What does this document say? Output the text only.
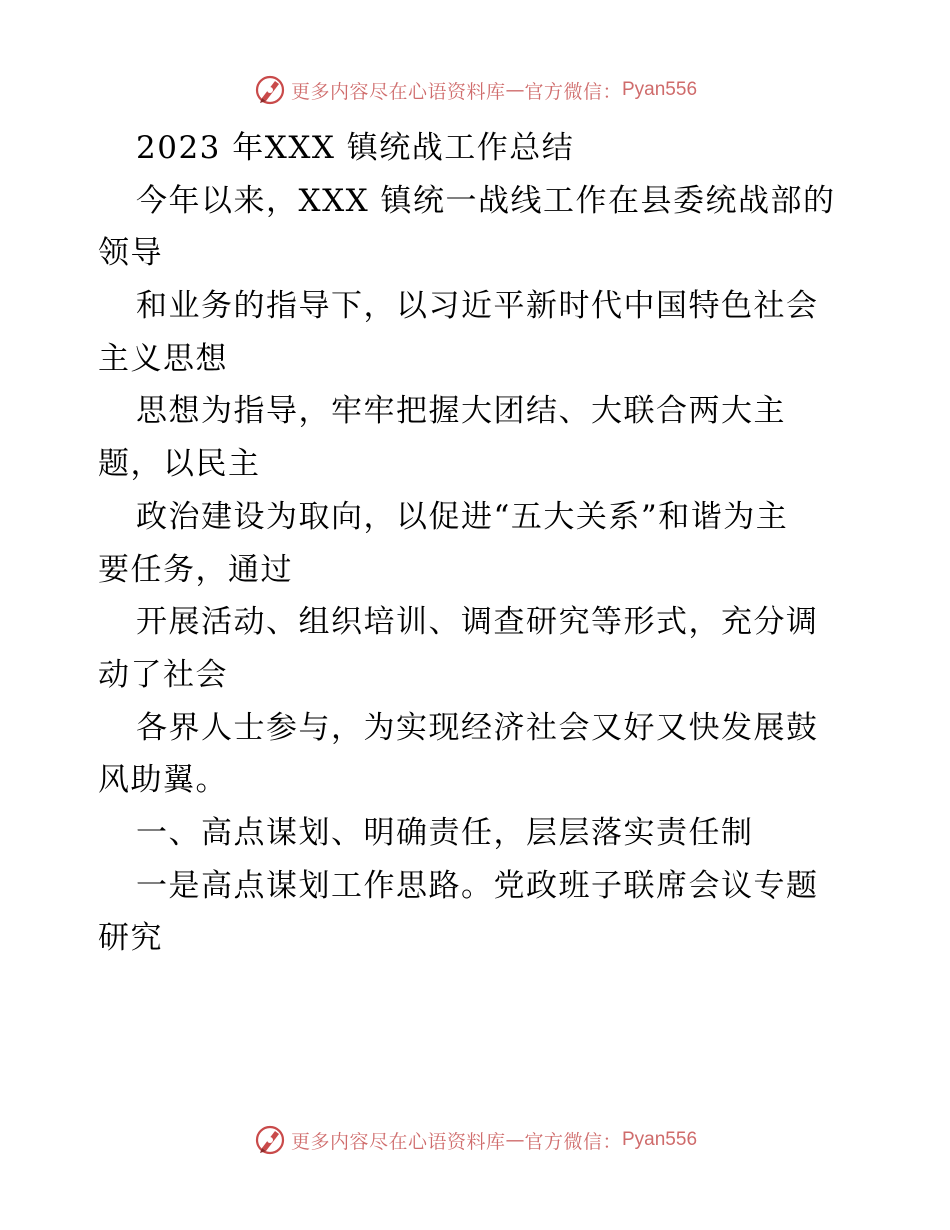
更多内容尽在心语资料库 — 官方微信： Pyan556
2023 年XXX 镇统战工作总结
今年以来，XXX 镇统一战线工作在县委统战部的
领导
和业务的指导下，以习近平新时代中国特色社会
主义思想
思想为指导，牢牢把握大团结、大联合两大主
题，以民主
政治建设为取向，以促进“五大关系”和谐为主
要任务，通过
开展活动、组织培训、调查研究等形式，充分调
动了社会
各界人士参与，为实现经济社会又好又快发展鼓
风助翼。
一、高点谋划、明确责任，层层落实责任制
一是高点谋划工作思路。党政班子联席会议专题
研究
更多内容尽在心语资料库 — 官方微信： Pyan556
